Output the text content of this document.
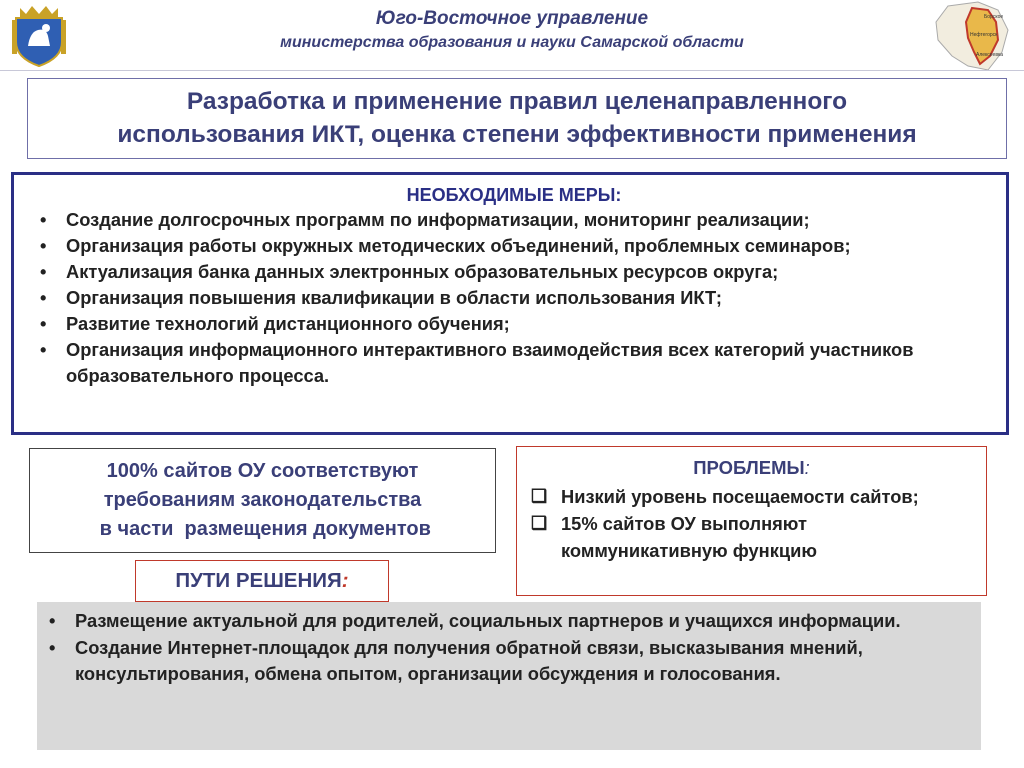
Юго-Восточное управление
министерства образования и науки Самарской области
Борское
Нефтегорск
Алексеевка
Разработка и применение правил целенаправленного
использования ИКТ, оценка степени эффективности применения
НЕОБХОДИМЫЕ МЕРЫ:
• Создание долгосрочных программ по информатизации, мониторинг реализации;
• Организация работы окружных методических объединений, проблемных семинаров;
• Актуализация банка данных электронных образовательных ресурсов округа;
• Организация повышения квалификации в области использования ИКТ;
• Развитие технологий дистанционного обучения;
• Организация информационного интерактивного взаимодействия всех категорий участников образовательного процесса.
100% сайтов ОУ соответствуют
требованиям законодательства
в части  размещения документов
ПРОБЛЕМЫ:
❑ Низкий уровень посещаемости сайтов;
❑ 15% сайтов ОУ выполняют коммуникативную функцию
ПУТИ РЕШЕНИЯ:
• Размещение актуальной для родителей, социальных партнеров и учащихся информации.
• Создание Интернет-площадок для получения обратной связи, высказывания мнений, консультирования, обмена опытом, организации обсуждения и голосования.
